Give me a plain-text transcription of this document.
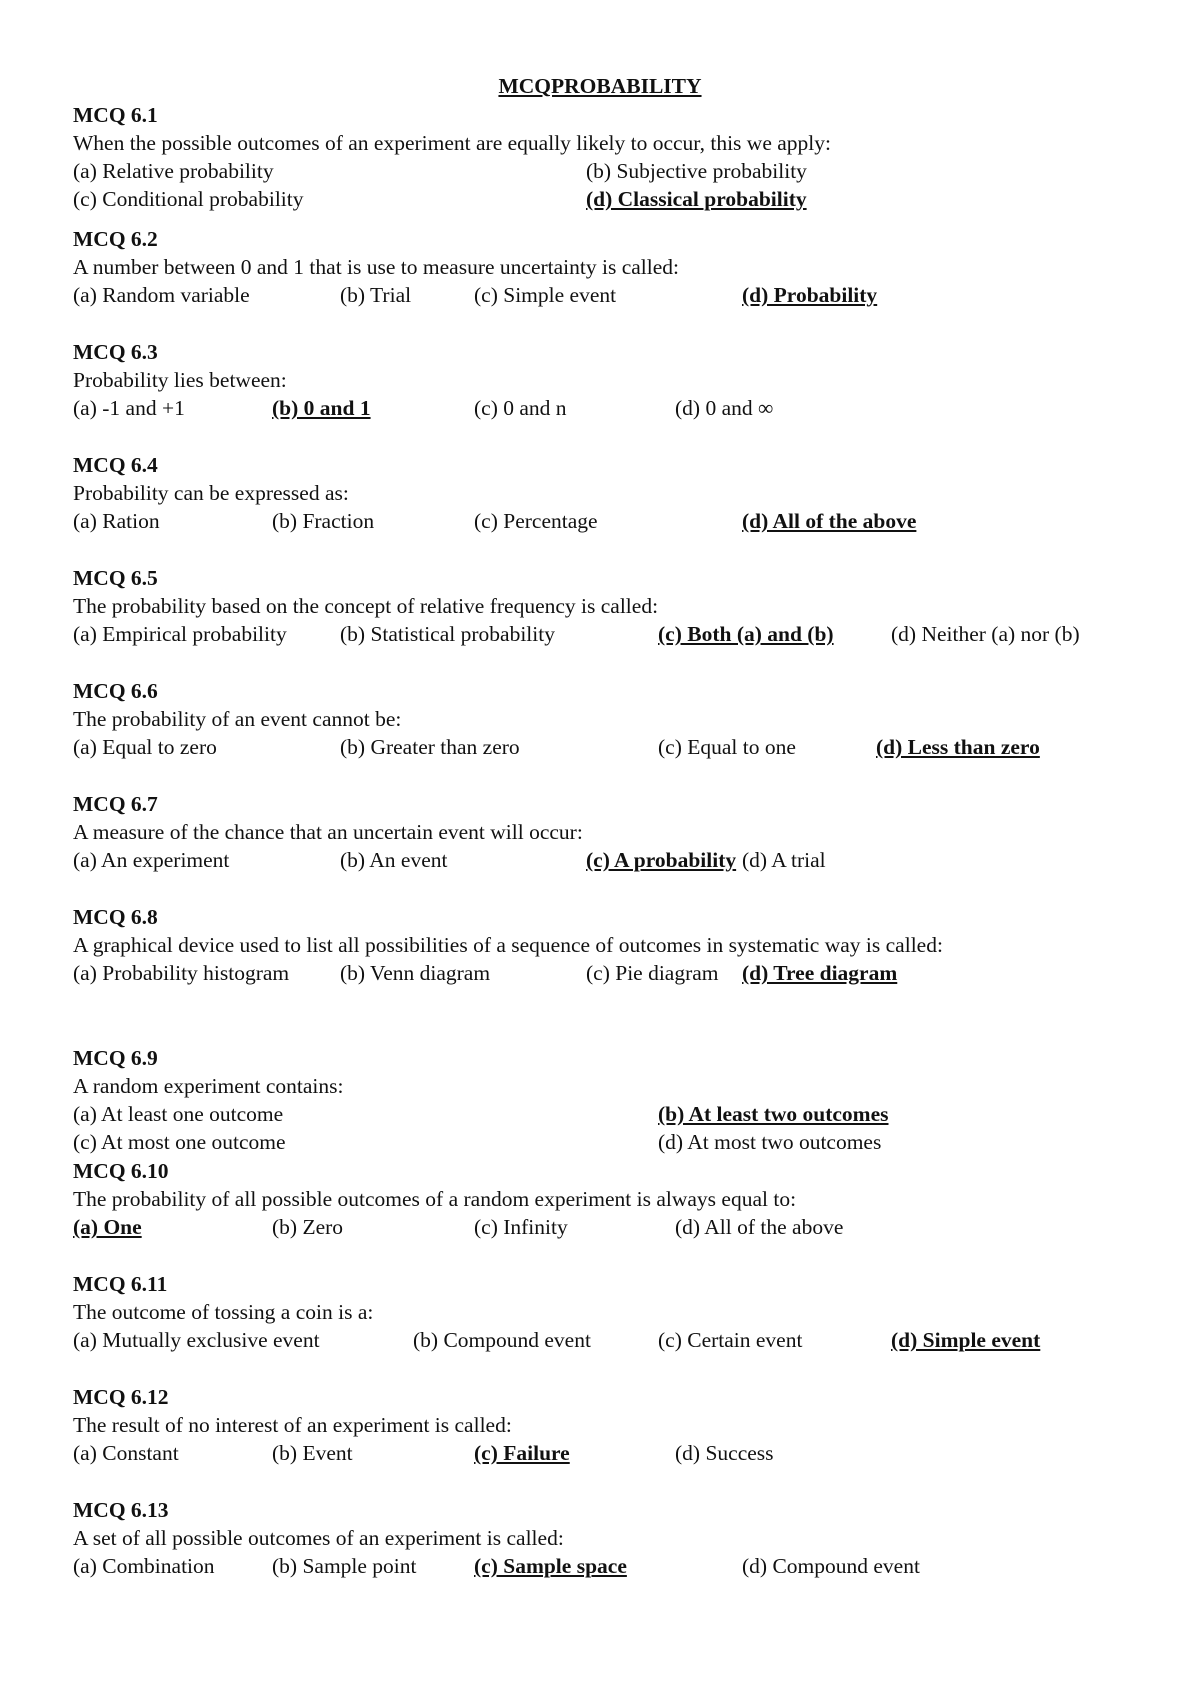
MCQPROBABILITY
MCQ 6.1
When the possible outcomes of an experiment are equally likely to occur, this we apply:
(a) Relative probability	(b) Subjective probability
(c) Conditional probability	(d) Classical probability
MCQ 6.2
A number between 0 and 1 that is use to measure uncertainty is called:
(a) Random variable	(b) Trial	(c) Simple event	(d) Probability
MCQ 6.3
Probability lies between:
(a) -1 and +1	(b) 0 and 1	(c) 0 and n	(d) 0 and ∞
MCQ 6.4
Probability can be expressed as:
(a) Ration	(b) Fraction	(c) Percentage	(d) All of the above
MCQ 6.5
The probability based on the concept of relative frequency is called:
(a) Empirical probability (b) Statistical probability	(c) Both (a) and (b)	(d) Neither (a) nor (b)
MCQ 6.6
The probability of an event cannot be:
(a) Equal to zero	(b) Greater than zero	(c) Equal to one	(d) Less than zero
MCQ 6.7
A measure of the chance that an uncertain event will occur:
(a) An experiment	(b) An event	(c) A probability (d) A trial
MCQ 6.8
A graphical device used to list all possibilities of a sequence of outcomes in systematic way is called:
(a) Probability histogram (b) Venn diagram	(c) Pie diagram (d) Tree diagram
MCQ 6.9
A random experiment contains:
(a) At least one outcome	(b) At least two outcomes
(c) At most one outcome	(d) At most two outcomes
MCQ 6.10
The probability of all possible outcomes of a random experiment is always equal to:
(a) One	(b) Zero	(c) Infinity	(d) All of the above
MCQ 6.11
The outcome of tossing a coin is a:
(a) Mutually exclusive event	(b) Compound event	(c) Certain event	(d) Simple event
MCQ 6.12
The result of no interest of an experiment is called:
(a) Constant	(b) Event	(c) Failure	(d) Success
MCQ 6.13
A set of all possible outcomes of an experiment is called:
(a) Combination	(b) Sample point	(c) Sample space	(d) Compound event
